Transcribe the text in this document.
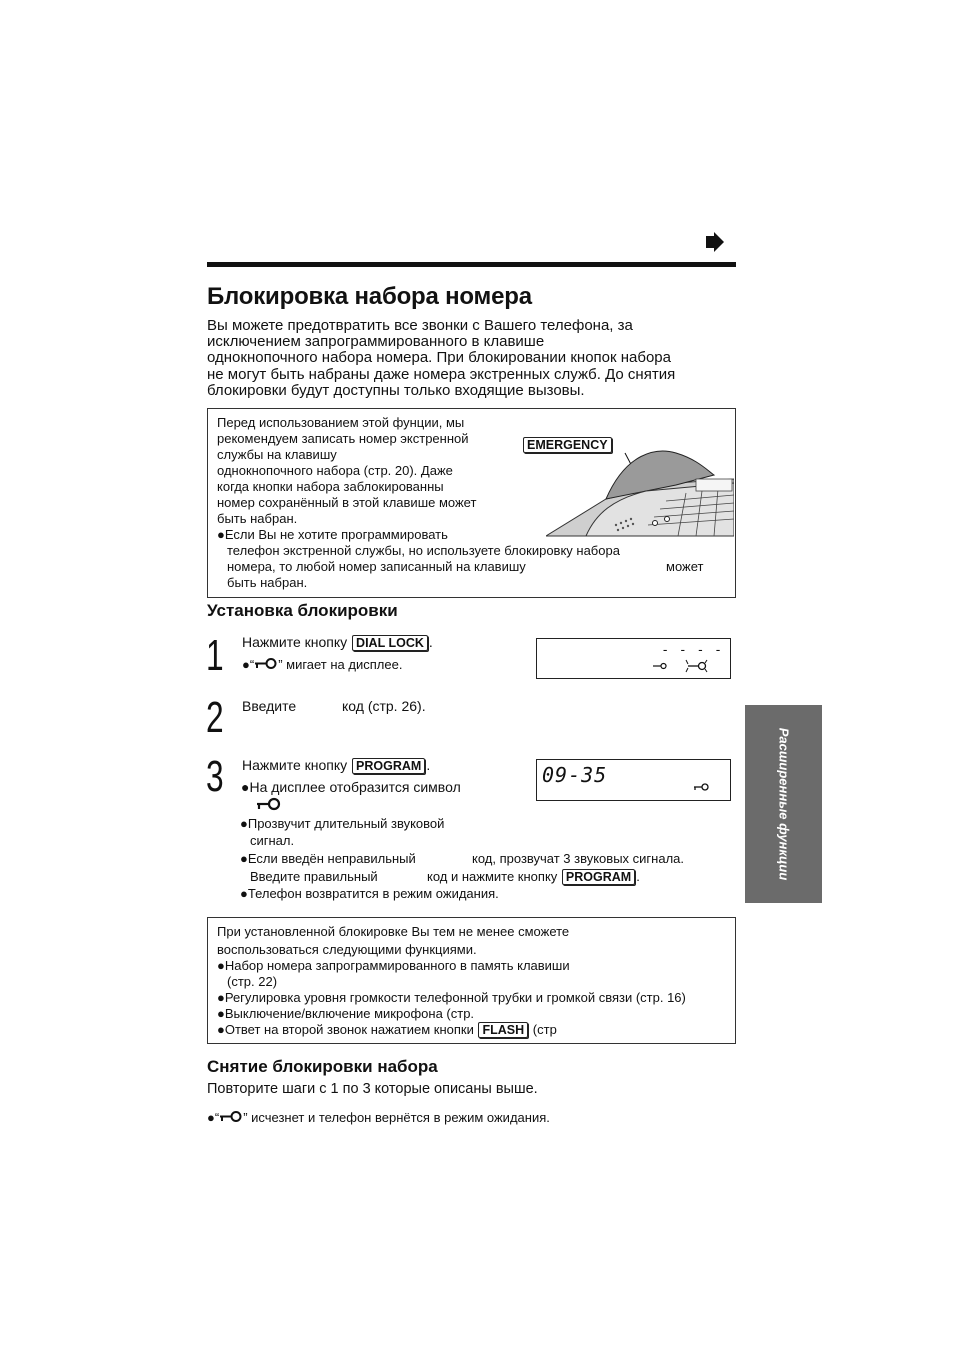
Блокировка набора номера
Вы можете предотвратить все звонки с Вашего телефона, за
исключением запрограммированного в клавише
однокнопочного набора номера. При блокировании кнопок набора
не могут быть набраны даже номера экстренных служб. До снятия
блокировки будут доступны только входящие вызовы.
Перед использованием этой фунции, мы
рекомендуем записать номер экстренной
службы на клавишу
однокнопочного набора (стр. 20). Даже
когда кнопки набора заблокированны
номер сохранённый в этой клавише может
быть набран.
●Если Вы не хотите программировать
телефон экстренной службы, но используете блокировку набора
номера, то любой номер записанный на клавишу	может
быть набран.
EMERGENCY
Установка блокировки
1 Нажмите кнопку DIAL LOCK .
●“ ” мигает на дисплее.
- - - -
2 Введите	код (стр. 26).
3 Нажмите кнопку PROGRAM .	09-35
●На дисплее отобразится символ
●Прозвучит длительный звуковой
сигнал.
●Если введён неправильный	код, прозвучат 3 звуковых сигнала.
Введите правильный	код и нажмите кнопку PROGRAM .
●Телефон возвратится в режим ожидания.
Расширенные функции
При установленной блокировке Вы тем не менее сможете
воспользоваться следующими функциями.
●Набор номера запрограммированного в память клавиши
(стр. 22)
●Регулировка уровня громкости телефонной трубки и громкой связи (стр. 16)
●Выключение/включение микрофона (стр.
●Ответ на второй звонок нажатием кнопки FLASH (стр
Снятие блокировки набора
Повторите шаги с 1 по 3 которые описаны выше.
●“ ” исчезнет и телефон вернётся в режим ожидания.
